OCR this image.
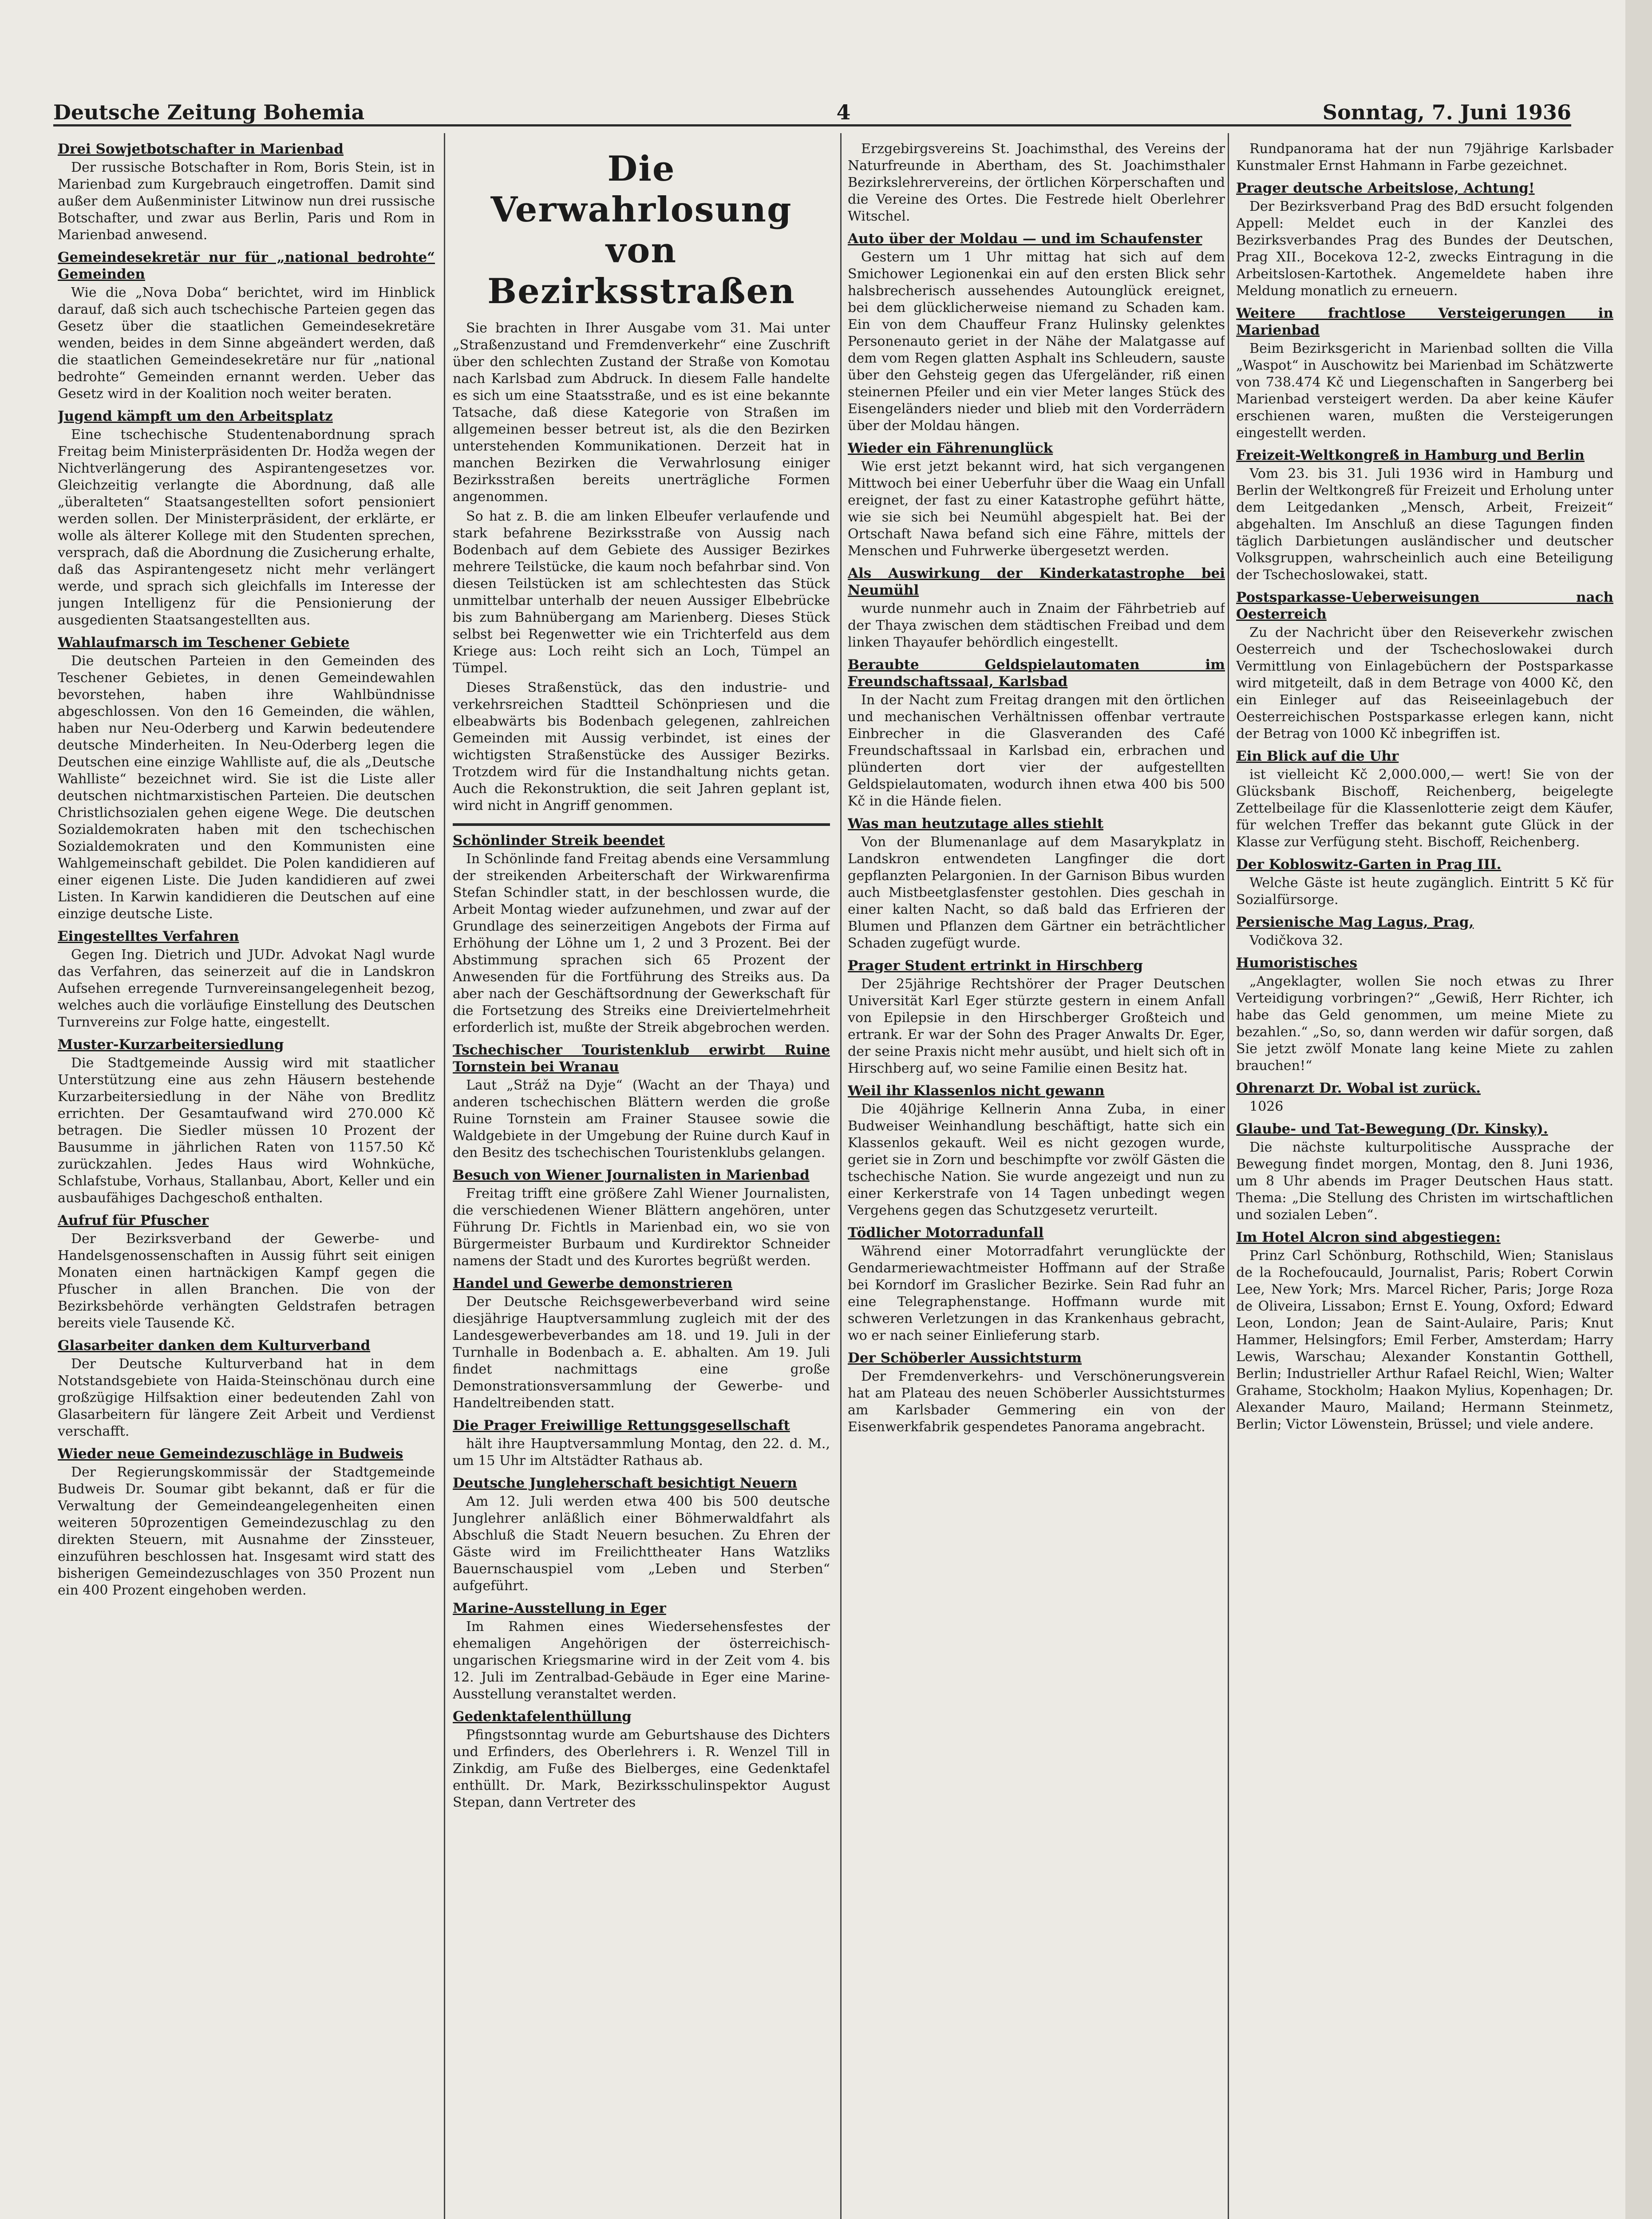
Deutsche Zeitung Bohemia	4	Sonntag, 7. Juni 1936
Drei Sowjetbotschafter in Marienbad

Der russische Botschafter in Rom, Boris Stein, ist in Marienbad zum Kurgebrauch eingetroffen. Damit sind außer dem Außenminister Litwinow nun drei russische Botschafter, und zwar aus Berlin, Paris und Rom in Marienbad anwesend.

Gemeindesekretär nur für „national bedrohte“ Gemeinden

Wie die „Nova Doba“ berichtet, wird im Hinblick darauf, daß sich auch tschechische Parteien gegen das Gesetz über die staatlichen Gemeindesekretäre wenden, beides in dem Sinne abgeändert werden, daß die staatlichen Gemeindesekretäre nur für „national bedrohte“ Gemeinden ernannt werden. Ueber das Gesetz wird in der Koalition noch weiter beraten.

Jugend kämpft um den Arbeitsplatz

Eine tschechische Studentenabordnung sprach Freitag beim Ministerpräsidenten Dr. Hodža wegen der Nichtverlängerung des Aspirantengesetzes vor. Gleichzeitig verlangte die Abordnung, daß alle „überalteten“ Staatsangestellten sofort pensioniert werden sollen. Der Ministerpräsident, der erklärte, er wolle als älterer Kollege mit den Studenten sprechen, versprach, daß die Abordnung die Zusicherung erhalte, daß das Aspirantengesetz nicht mehr verlängert werde, und sprach sich gleichfalls im Interesse der jungen Intelligenz für die Pensionierung der ausgedienten Staatsangestellten aus.

Wahlaufmarsch im Teschener Gebiete

Die deutschen Parteien in den Gemeinden des Teschener Gebietes, in denen Gemeindewahlen bevorstehen, haben ihre Wahlbündnisse abgeschlossen. Von den 16 Gemeinden, die wählen, haben nur Neu-Oderberg und Karwin bedeutendere deutsche Minderheiten. In Neu-Oderberg legen die Deutschen eine einzige Wahlliste auf, die als „Deutsche Wahlliste“ bezeichnet wird. Sie ist die Liste aller deutschen nichtmarxistischen Parteien. Die deutschen Christlichsozialen gehen eigene Wege. Die deutschen Sozialdemokraten haben mit den tschechischen Sozialdemokraten und den Kommunisten eine Wahlgemeinschaft gebildet. Die Polen kandidieren auf einer eigenen Liste. Die Juden kandidieren auf zwei Listen. In Karwin kandidieren die Deutschen auf eine einzige deutsche Liste.

Eingestelltes Verfahren

Gegen Ing. Dietrich und JUDr. Advokat Nagl wurde das Verfahren, das seinerzeit auf die in Landskron Aufsehen erregende Turnvereinsangelegenheit bezog, welches auch die vorläufige Einstellung des Deutschen Turnvereins zur Folge hatte, eingestellt.

Muster-Kurzarbeitersiedlung

Die Stadtgemeinde Aussig wird mit staatlicher Unterstützung eine aus zehn Häusern bestehende Kurzarbeitersiedlung in der Nähe von Bredlitz errichten. Der Gesamtaufwand wird 270.000 Kč betragen. Die Siedler müssen 10 Prozent der Bausumme in jährlichen Raten von 1157.50 Kč zurückzahlen. Jedes Haus wird Wohnküche, Schlafstube, Vorhaus, Stallanbau, Abort, Keller und ein ausbaufähiges Dachgeschoß enthalten.

Aufruf für Pfuscher

Der Bezirksverband der Gewerbe- und Handelsgenossenschaften in Aussig führt seit einigen Monaten einen hartnäckigen Kampf gegen die Pfuscher in allen Branchen. Die von der Bezirksbehörde verhängten Geldstrafen betragen bereits viele Tausende Kč.

Glasarbeiter danken dem Kulturverband

Der Deutsche Kulturverband hat in dem Notstandsgebiete von Haida-Steinschönau durch eine großzügige Hilfsaktion einer bedeutenden Zahl von Glasarbeitern für längere Zeit Arbeit und Verdienst verschafft.

Wieder neue Gemeindezuschläge in Budweis

Der Regierungskommissär der Stadtgemeinde Budweis Dr. Soumar gibt bekannt, daß er für die Verwaltung der Gemeindeangelegenheiten einen weiteren 50prozentigen Gemeindezuschlag zu den direkten Steuern, mit Ausnahme der Zinssteuer, einzuführen beschlossen hat. Insgesamt wird statt des bisherigen Gemeindezuschlages von 350 Prozent nun ein 400 Prozent eingehoben werden.

Die Verwahrlosung von Bezirksstraßen

Sie brachten in Ihrer Ausgabe vom 31. Mai unter „Straßenzustand und Fremdenverkehr“ eine Zuschrift über den schlechten Zustand der Straße von Komotau nach Karlsbad zum Abdruck. In diesem Falle handelte es sich um eine Staatsstraße, und es ist eine bekannte Tatsache, daß diese Kategorie von Straßen im allgemeinen besser betreut ist, als die den Bezirken unterstehenden Kommunikationen. Derzeit hat in manchen Bezirken die Verwahrlosung einiger Bezirksstraßen bereits unerträgliche Formen angenommen.

So hat z. B. die am linken Elbeufer verlaufende und stark befahrene Bezirksstraße von Aussig nach Bodenbach auf dem Gebiete des Aussiger Bezirkes mehrere Teilstücke, die kaum noch befahrbar sind. Von diesen Teilstücken ist am schlechtesten das Stück unmittelbar unterhalb der neuen Aussiger Elbebrücke bis zum Bahnübergang am Marienberg. Dieses Stück selbst bei Regenwetter wie ein Trichterfeld aus dem Kriege aus: Loch reiht sich an Loch, Tümpel an Tümpel.

Dieses Straßenstück, das den industrie- und verkehrsreichen Stadtteil Schönpriesen und die elbeabwärts bis Bodenbach gelegenen, zahlreichen Gemeinden mit Aussig verbindet, ist eines der wichtigsten Straßenstücke des Aussiger Bezirks. Trotzdem wird für die Instandhaltung nichts getan. Auch die Rekonstruktion, die seit Jahren geplant ist, wird nicht in Angriff genommen.

Schönlinder Streik beendet

In Schönlinde fand Freitag abends eine Versammlung der streikenden Arbeiterschaft der Wirkwarenfirma Stefan Schindler statt, in der beschlossen wurde, die Arbeit Montag wieder aufzunehmen, und zwar auf der Grundlage des seinerzeitigen Angebots der Firma auf Erhöhung der Löhne um 1, 2 und 3 Prozent. Bei der Abstimmung sprachen sich 65 Prozent der Anwesenden für die Fortführung des Streiks aus. Da aber nach der Geschäftsordnung der Gewerkschaft für die Fortsetzung des Streiks eine Dreiviertelmehrheit erforderlich ist, mußte der Streik abgebrochen werden.

Tschechischer Touristenklub erwirbt Ruine Tornstein bei Wranau

Laut „Stráž na Dyje“ (Wacht an der Thaya) und anderen tschechischen Blättern werden die große Ruine Tornstein am Frainer Stausee sowie die Waldgebiete in der Umgebung der Ruine durch Kauf in den Besitz des tschechischen Touristenklubs gelangen.

Besuch von Wiener Journalisten in Marienbad

Freitag trifft eine größere Zahl Wiener Journalisten, die verschiedenen Wiener Blättern angehören, unter Führung Dr. Fichtls in Marienbad ein, wo sie von Bürgermeister Burbaum und Kurdirektor Schneider namens der Stadt und des Kurortes begrüßt werden.

Handel und Gewerbe demonstrieren

Der Deutsche Reichsgewerbeverband wird seine diesjährige Hauptversammlung zugleich mit der des Landesgewerbeverbandes am 18. und 19. Juli in der Turnhalle in Bodenbach a. E. abhalten. Am 19. Juli findet nachmittags eine große Demonstrationsversammlung der Gewerbe- und Handeltreibenden statt.

Die Prager Freiwillige Rettungsgesellschaft

hält ihre Hauptversammlung Montag, den 22. d. M., um 15 Uhr im Altstädter Rathaus ab.

Deutsche Jungleherschaft besichtigt Neuern

Am 12. Juli werden etwa 400 bis 500 deutsche Junglehrer anläßlich einer Böhmerwaldfahrt als Abschluß die Stadt Neuern besuchen. Zu Ehren der Gäste wird im Freilichttheater Hans Watzliks Bauernschauspiel vom „Leben und Sterben“ aufgeführt.

Marine-Ausstellung in Eger

Im Rahmen eines Wiedersehensfestes der ehemaligen Angehörigen der österreichisch-ungarischen Kriegsmarine wird in der Zeit vom 4. bis 12. Juli im Zentralbad-Gebäude in Eger eine Marine-Ausstellung veranstaltet werden.

Gedenktafelenthüllung

Pfingstsonntag wurde am Geburtshause des Dichters und Erfinders, des Oberlehrers i. R. Wenzel Till in Zinkdig, am Fuße des Bielberges, eine Gedenktafel enthüllt. Dr. Mark, Bezirksschulinspektor August Stepan, dann Vertreter des

Erzgebirgsvereins St. Joachimsthal, des Vereins der Naturfreunde in Abertham, des St. Joachimsthaler Bezirkslehrervereins, der örtlichen Körperschaften und die Vereine des Ortes. Die Festrede hielt Oberlehrer Witschel.

Auto über der Moldau — und im Schaufenster

Gestern um 1 Uhr mittag hat sich auf dem Smichower Legionenkai ein auf den ersten Blick sehr halsbrecherisch aussehendes Autounglück ereignet, bei dem glücklicherweise niemand zu Schaden kam. Ein von dem Chauffeur Franz Hulinsky gelenktes Personenauto geriet in der Nähe der Malatgasse auf dem vom Regen glatten Asphalt ins Schleudern, sauste über den Gehsteig gegen das Ufergeländer, riß einen steinernen Pfeiler und ein vier Meter langes Stück des Eisengeländers nieder und blieb mit den Vorderrädern über der Moldau hängen.

Wieder ein Fährenunglück

Wie erst jetzt bekannt wird, hat sich vergangenen Mittwoch bei einer Ueberfuhr über die Waag ein Unfall ereignet, der fast zu einer Katastrophe geführt hätte, wie sie sich bei Neumühl abgespielt hat. Bei der Ortschaft Nawa befand sich eine Fähre, mittels der Menschen und Fuhrwerke übergesetzt werden.

Als Auswirkung der Kinderkatastrophe bei Neumühl

wurde nunmehr auch in Znaim der Fährbetrieb auf der Thaya zwischen dem städtischen Freibad und dem linken Thayaufer behördlich eingestellt.

Beraubte Geldspielautomaten im Freundschaftssaal, Karlsbad

In der Nacht zum Freitag drangen mit den örtlichen und mechanischen Verhältnissen offenbar vertraute Einbrecher in die Glasveranden des Café Freundschaftssaal in Karlsbad ein, erbrachen und plünderten dort vier der aufgestellten Geldspielautomaten, wodurch ihnen etwa 400 bis 500 Kč in die Hände fielen.

Was man heutzutage alles stiehlt

Von der Blumenanlage auf dem Masarykplatz in Landskron entwendeten Langfinger die dort gepflanzten Pelargonien. In der Garnison Bibus wurden auch Mistbeetglasfenster gestohlen. Dies geschah in einer kalten Nacht, so daß bald das Erfrieren der Blumen und Pflanzen dem Gärtner ein beträchtlicher Schaden zugefügt wurde.

Prager Student ertrinkt in Hirschberg

Der 25jährige Rechtshörer der Prager Deutschen Universität Karl Eger stürzte gestern in einem Anfall von Epilepsie in den Hirschberger Großteich und ertrank. Er war der Sohn des Prager Anwalts Dr. Eger, der seine Praxis nicht mehr ausübt, und hielt sich oft in Hirschberg auf, wo seine Familie einen Besitz hat.

Weil ihr Klassenlos nicht gewann

Die 40jährige Kellnerin Anna Zuba, in einer Budweiser Weinhandlung beschäftigt, hatte sich ein Klassenlos gekauft. Weil es nicht gezogen wurde, geriet sie in Zorn und beschimpfte vor zwölf Gästen die tschechische Nation. Sie wurde angezeigt und nun zu einer Kerkerstrafe von 14 Tagen unbedingt wegen Vergehens gegen das Schutzgesetz verurteilt.

Tödlicher Motorradunfall

Während einer Motorradfahrt verunglückte der Gendarmeriewachtmeister Hoffmann auf der Straße bei Korndorf im Graslicher Bezirke. Sein Rad fuhr an eine Telegraphenstange. Hoffmann wurde mit schweren Verletzungen in das Krankenhaus gebracht, wo er nach seiner Einlieferung starb.

Der Schöberler Aussichtsturm

Der Fremdenverkehrs- und Verschönerungsverein hat am Plateau des neuen Schöberler Aussichtsturmes am Karlsbader Gemmering ein von der Eisenwerkfabrik gespendetes Panorama angebracht.

Rundpanorama hat der nun 79jährige Karlsbader Kunstmaler Ernst Hahmann in Farbe gezeichnet.

Prager deutsche Arbeitslose, Achtung!

Der Bezirksverband Prag des BdD ersucht folgenden Appell: Meldet euch in der Kanzlei des Bezirksverbandes Prag des Bundes der Deutschen, Prag XII., Bocekova 12-2, zwecks Eintragung in die Arbeitslosen-Kartothek. Angemeldete haben ihre Meldung monatlich zu erneuern.

Weitere frachtlose Versteigerungen in Marienbad

Beim Bezirksgericht in Marienbad sollten die Villa „Waspot“ in Auschowitz bei Marienbad im Schätzwerte von 738.474 Kč und Liegenschaften in Sangerberg bei Marienbad versteigert werden. Da aber keine Käufer erschienen waren, mußten die Versteigerungen eingestellt werden.

Freizeit-Weltkongreß in Hamburg und Berlin

Vom 23. bis 31. Juli 1936 wird in Hamburg und Berlin der Weltkongreß für Freizeit und Erholung unter dem Leitgedanken „Mensch, Arbeit, Freizeit“ abgehalten. Im Anschluß an diese Tagungen finden täglich Darbietungen ausländischer und deutscher Volksgruppen, wahrscheinlich auch eine Beteiligung der Tschechoslowakei, statt.

Postsparkasse-Ueberweisungen nach Oesterreich

Zu der Nachricht über den Reiseverkehr zwischen Oesterreich und der Tschechoslowakei durch Vermittlung von Einlagebüchern der Postsparkasse wird mitgeteilt, daß in dem Betrage von 4000 Kč, den ein Einleger auf das Reiseeinlagebuch der Oesterreichischen Postsparkasse erlegen kann, nicht der Betrag von 1000 Kč inbegriffen ist.

Ein Blick auf die Uhr

ist vielleicht Kč 2,000.000,— wert! Sie von der Glücksbank Bischoff, Reichenberg, beigelegte Zettelbeilage für die Klassenlotterie zeigt dem Käufer, für welchen Treffer das bekannt gute Glück in der Klasse zur Verfügung steht. Bischoff, Reichenberg.

Der Kobloswitz-Garten in Prag III.

Welche Gäste ist heute zugänglich. Eintritt 5 Kč für Sozialfürsorge.

Persienische Mag Lagus, Prag,

Vodičkova 32.

Humoristisches

„Angeklagter, wollen Sie noch etwas zu Ihrer Verteidigung vorbringen?“ „Gewiß, Herr Richter, ich habe das Geld genommen, um meine Miete zu bezahlen.“ „So, so, dann werden wir dafür sorgen, daß Sie jetzt zwölf Monate lang keine Miete zu zahlen brauchen!“

Ohrenarzt Dr. Wobal ist zurück.

1026

Glaube- und Tat-Bewegung (Dr. Kinsky).

Die nächste kulturpolitische Aussprache der Bewegung findet morgen, Montag, den 8. Juni 1936, um 8 Uhr abends im Prager Deutschen Haus statt. Thema: „Die Stellung des Christen im wirtschaftlichen und sozialen Leben“.

Im Hotel Alcron sind abgestiegen:

Prinz Carl Schönburg, Rothschild, Wien; Stanislaus de la Rochefoucauld, Journalist, Paris; Robert Corwin Lee, New York; Mrs. Marcel Richer, Paris; Jorge Roza de Oliveira, Lissabon; Ernst E. Young, Oxford; Edward Leon, London; Jean de Saint-Aulaire, Paris; Knut Hammer, Helsingfors; Emil Ferber, Amsterdam; Harry Lewis, Warschau; Alexander Konstantin Gotthell, Berlin; Industrieller Arthur Rafael Reichl, Wien; Walter Grahame, Stockholm; Haakon Mylius, Kopenhagen; Dr. Alexander Mauro, Mailand; Hermann Steinmetz, Berlin; Victor Löwenstein, Brüssel; und viele andere.
